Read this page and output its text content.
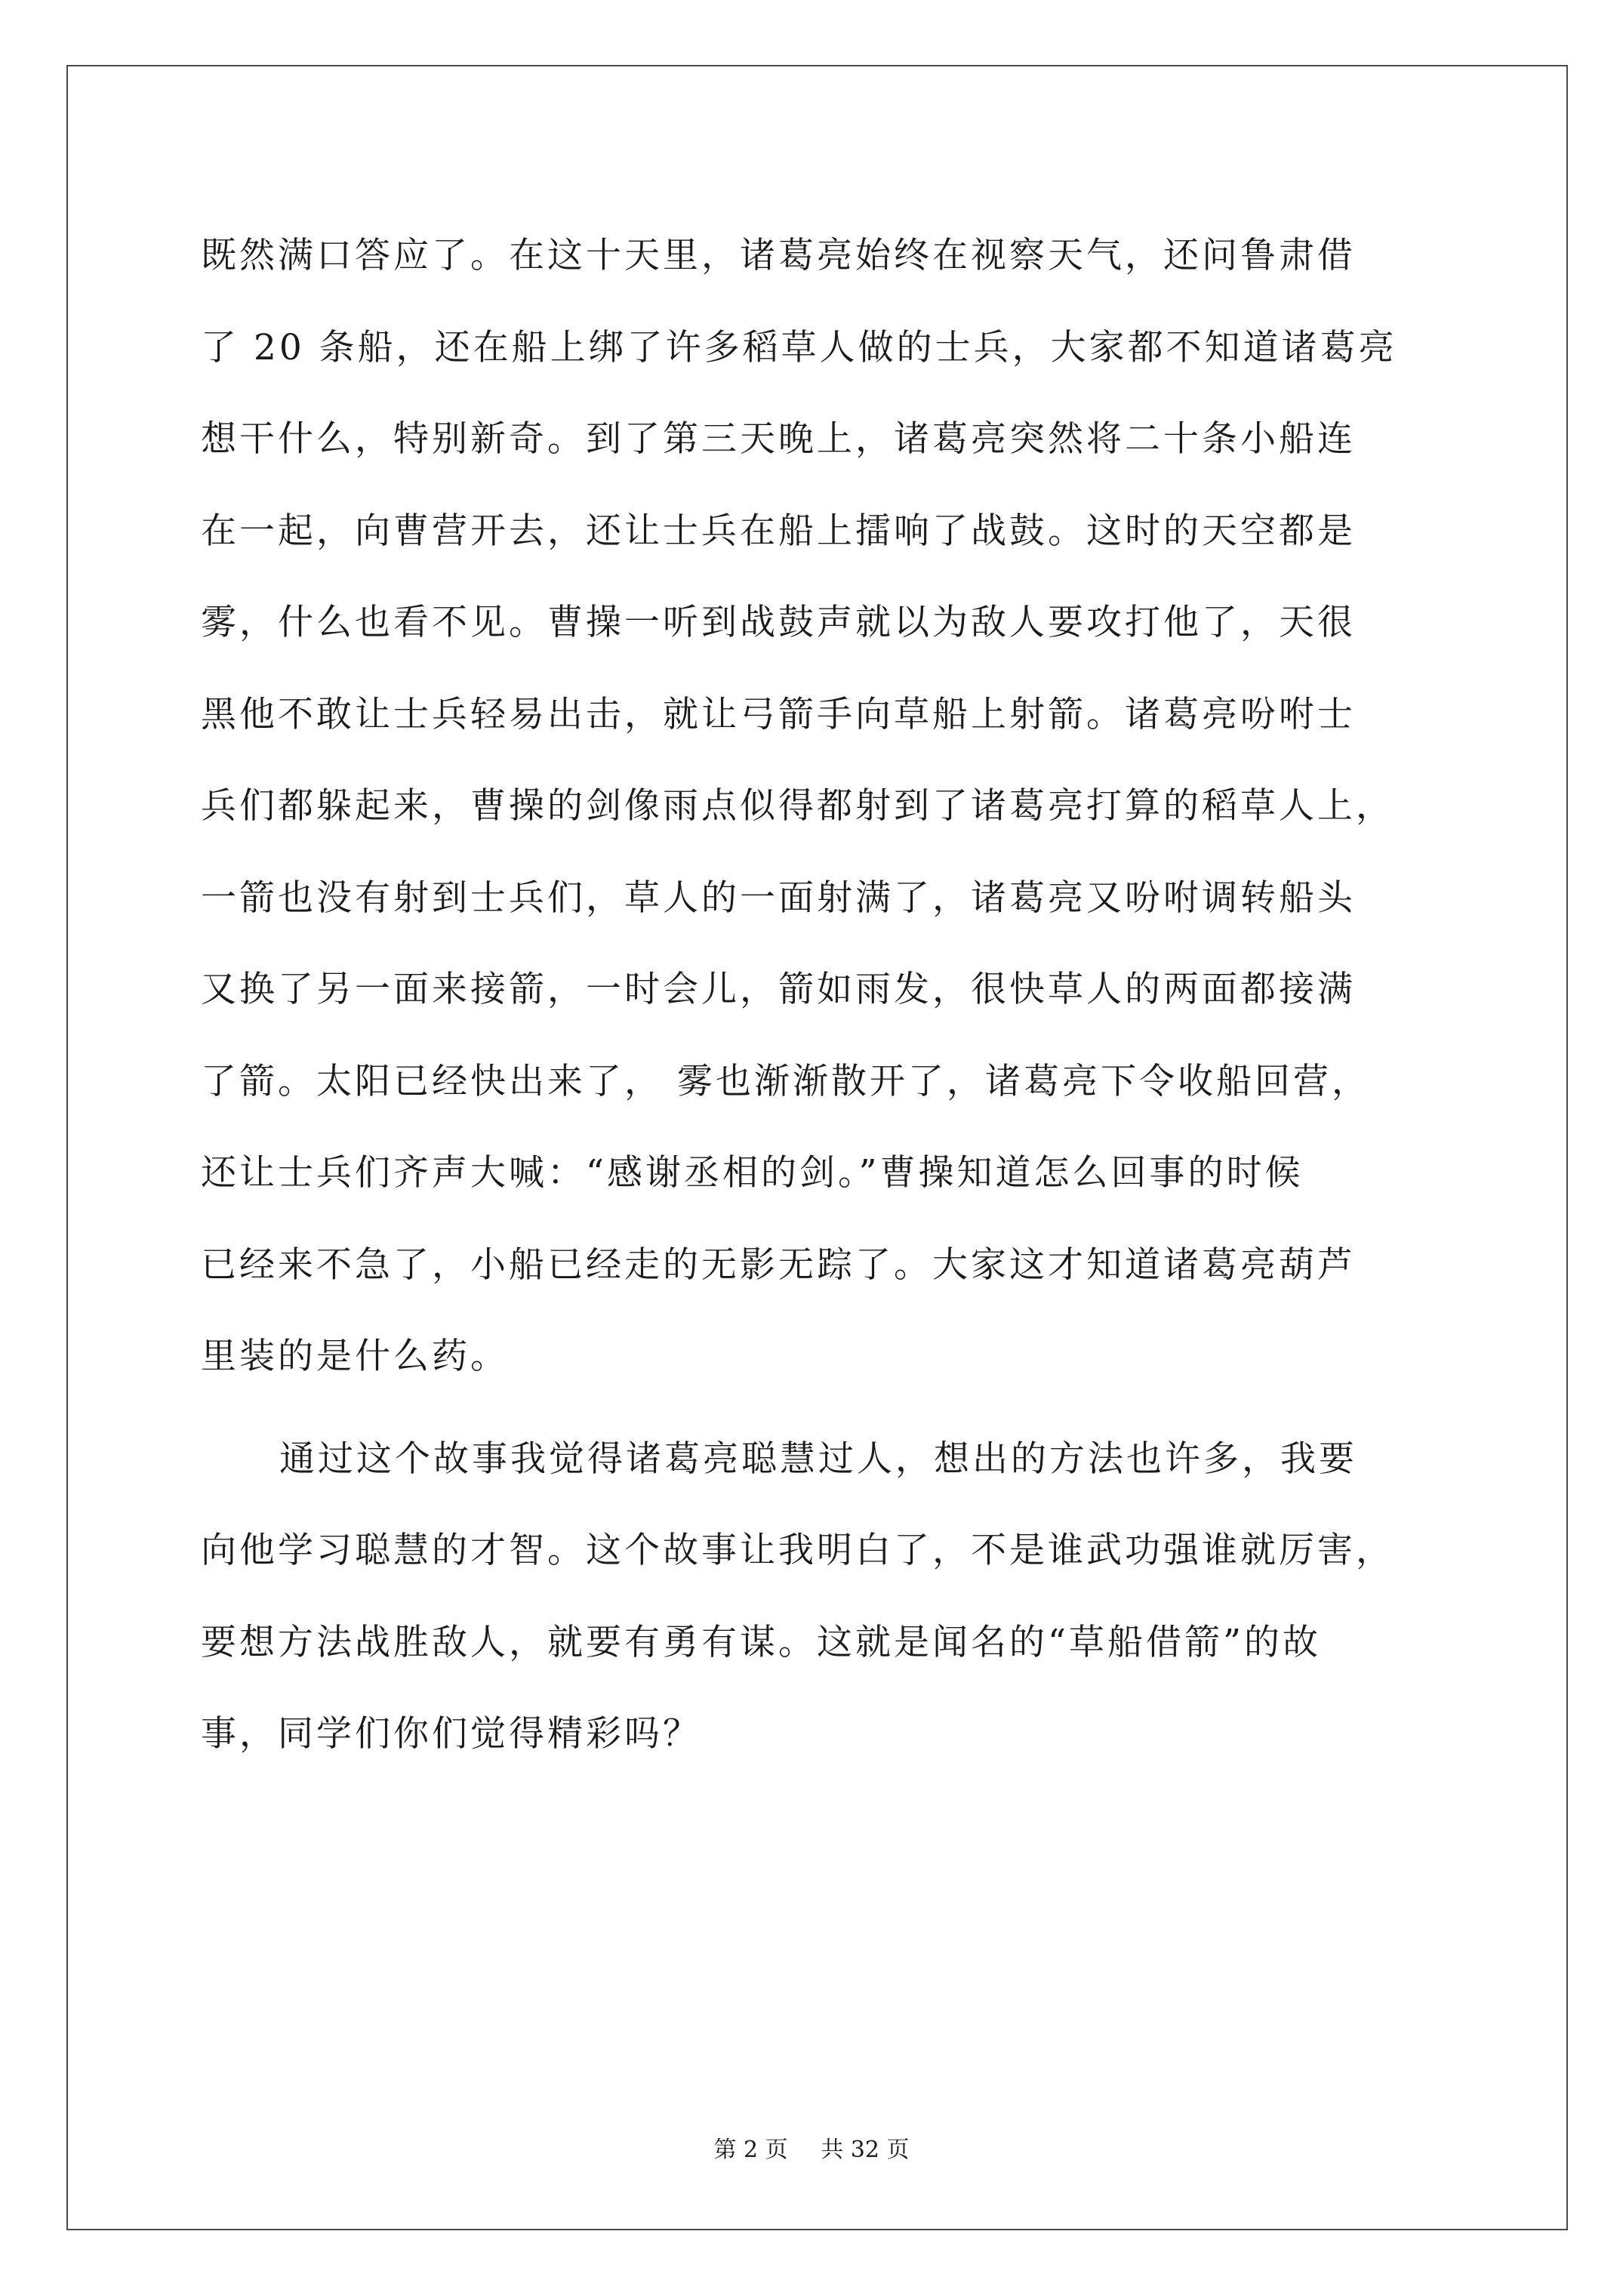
既然满口答应了。在这十天里，诸葛亮始终在视察天气，还问鲁肃借
了 20 条船，还在船上绑了许多稻草人做的士兵，大家都不知道诸葛亮
想干什么，特别新奇。到了第三天晚上，诸葛亮突然将二十条小船连
在一起，向曹营开去，还让士兵在船上擂响了战鼓。这时的天空都是
雾，什么也看不见。曹操一听到战鼓声就以为敌人要攻打他了，天很
黑他不敢让士兵轻易出击，就让弓箭手向草船上射箭。诸葛亮吩咐士
兵们都躲起来，曹操的剑像雨点似得都射到了诸葛亮打算的稻草人上，
一箭也没有射到士兵们，草人的一面射满了，诸葛亮又吩咐调转船头
又换了另一面来接箭，一时会儿，箭如雨发，很快草人的两面都接满
了箭。太阳已经快出来了， 雾也渐渐散开了，诸葛亮下令收船回营，
还让士兵们齐声大喊：“感谢丞相的剑。”曹操知道怎么回事的时候
已经来不急了，小船已经走的无影无踪了。大家这才知道诸葛亮葫芦
里装的是什么药。
通过这个故事我觉得诸葛亮聪慧过人，想出的方法也许多，我要
向他学习聪慧的才智。这个故事让我明白了，不是谁武功强谁就厉害，
要想方法战胜敌人，就要有勇有谋。这就是闻名的“草船借箭”的故
事，同学们你们觉得精彩吗？
第 2 页 共 32 页
